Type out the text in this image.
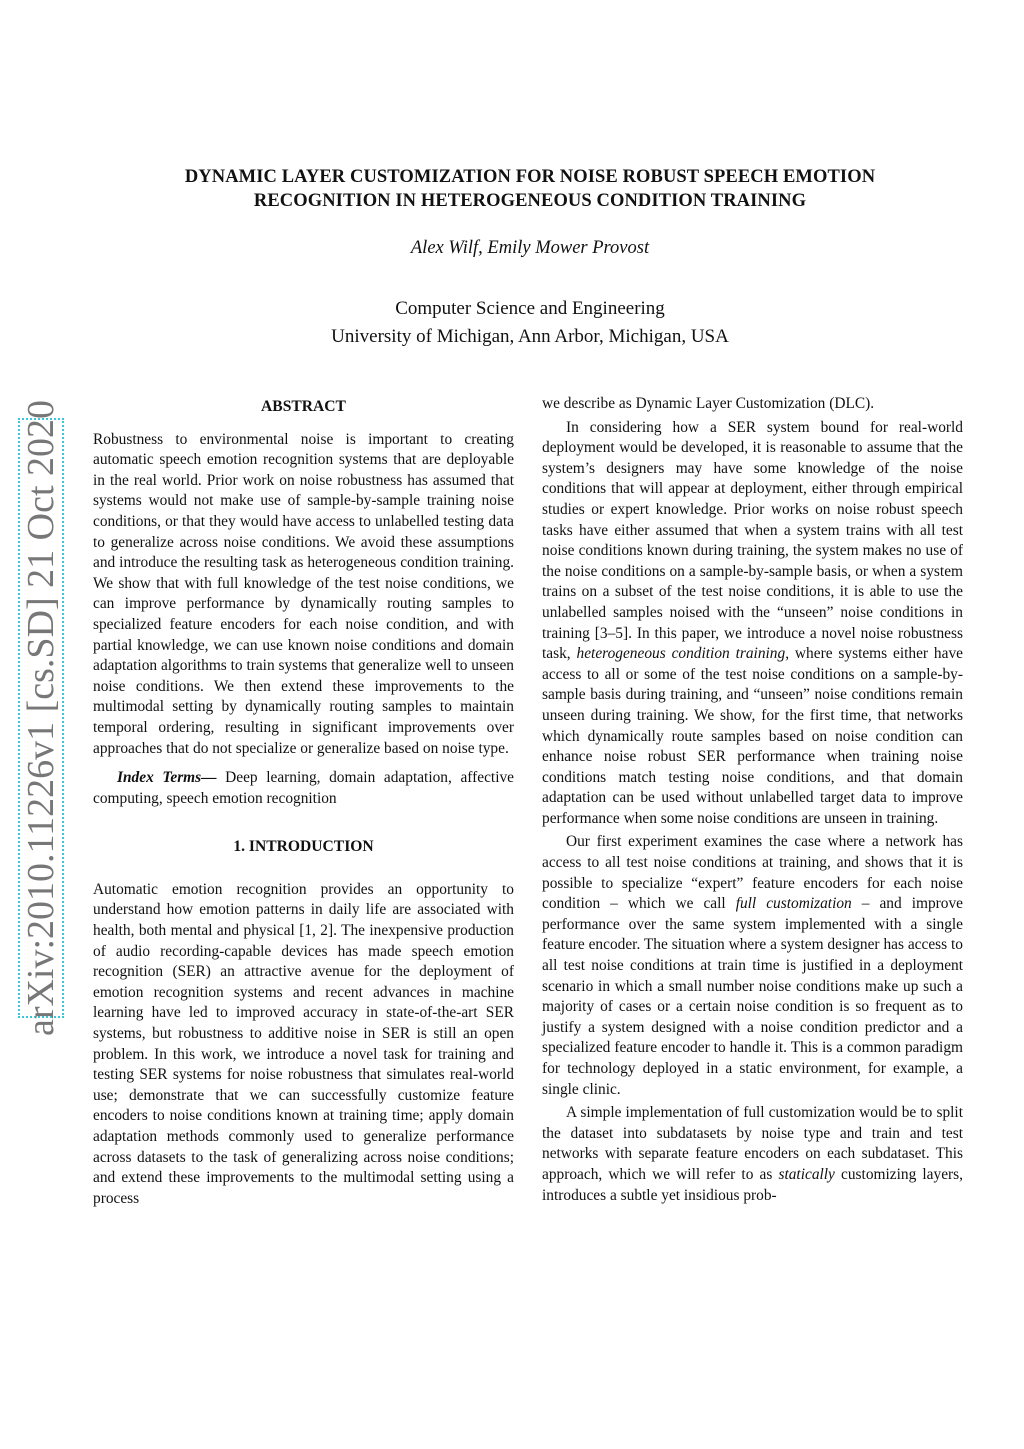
arXiv:2010.11226v1 [cs.SD] 21 Oct 2020
DYNAMIC LAYER CUSTOMIZATION FOR NOISE ROBUST SPEECH EMOTION
RECOGNITION IN HETEROGENEOUS CONDITION TRAINING
Alex Wilf, Emily Mower Provost
Computer Science and Engineering
University of Michigan, Ann Arbor, Michigan, USA
ABSTRACT

Robustness to environmental noise is important to creating automatic speech emotion recognition systems that are deployable in the real world. Prior work on noise robustness has assumed that systems would not make use of sample-by-sample training noise conditions, or that they would have access to unlabelled testing data to generalize across noise conditions. We avoid these assumptions and introduce the resulting task as heterogeneous condition training. We show that with full knowledge of the test noise conditions, we can improve performance by dynamically routing samples to specialized feature encoders for each noise condition, and with partial knowledge, we can use known noise conditions and domain adaptation algorithms to train systems that generalize well to unseen noise conditions. We then extend these improvements to the multimodal setting by dynamically routing samples to maintain temporal ordering, resulting in significant improvements over approaches that do not specialize or generalize based on noise type.

Index Terms— Deep learning, domain adaptation, affective computing, speech emotion recognition

1. INTRODUCTION

Automatic emotion recognition provides an opportunity to understand how emotion patterns in daily life are associated with health, both mental and physical [1, 2]. The inexpensive production of audio recording-capable devices has made speech emotion recognition (SER) an attractive avenue for the deployment of emotion recognition systems and recent advances in machine learning have led to improved accuracy in state-of-the-art SER systems, but robustness to additive noise in SER is still an open problem. In this work, we introduce a novel task for training and testing SER systems for noise robustness that simulates real-world use; demonstrate that we can successfully customize feature encoders to noise conditions known at training time; apply domain adaptation methods commonly used to generalize performance across datasets to the task of generalizing across noise conditions; and extend these improvements to the multimodal setting using a process

we describe as Dynamic Layer Customization (DLC).

In considering how a SER system bound for real-world deployment would be developed, it is reasonable to assume that the system’s designers may have some knowledge of the noise conditions that will appear at deployment, either through empirical studies or expert knowledge. Prior works on noise robust speech tasks have either assumed that when a system trains with all test noise conditions known during training, the system makes no use of the noise conditions on a sample-by-sample basis, or when a system trains on a subset of the test noise conditions, it is able to use the unlabelled samples noised with the “unseen” noise conditions in training [3–5]. In this paper, we introduce a novel noise robustness task, heterogeneous condition training, where systems either have access to all or some of the test noise conditions on a sample-by-sample basis during training, and “unseen” noise conditions remain unseen during training. We show, for the first time, that networks which dynamically route samples based on noise condition can enhance noise robust SER performance when training noise conditions match testing noise conditions, and that domain adaptation can be used without unlabelled target data to improve performance when some noise conditions are unseen in training.

Our first experiment examines the case where a network has access to all test noise conditions at training, and shows that it is possible to specialize “expert” feature encoders for each noise condition – which we call full customization – and improve performance over the same system implemented with a single feature encoder. The situation where a system designer has access to all test noise conditions at train time is justified in a deployment scenario in which a small number noise conditions make up such a majority of cases or a certain noise condition is so frequent as to justify a system designed with a noise condition predictor and a specialized feature encoder to handle it. This is a common paradigm for technology deployed in a static environment, for example, a single clinic.

A simple implementation of full customization would be to split the dataset into subdatasets by noise type and train and test networks with separate feature encoders on each subdataset. This approach, which we will refer to as statically customizing layers, introduces a subtle yet insidious prob-
